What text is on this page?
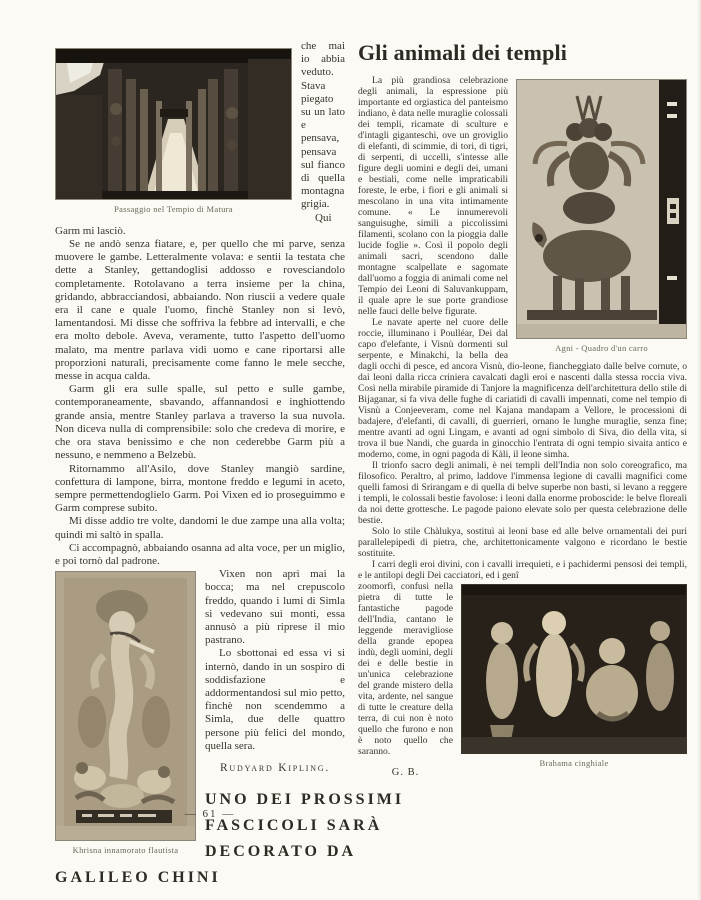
Passaggio nel Tempio di Matura

che mai io abbia veduto. Stava piegato su un lato e pensava, pensava sul fianco di quella montagna grigia.

Qui Garm mi lasciò.

Se ne andò senza fiatare, e, per quello che mi parve, senza muovere le gambe. Letteralmente volava: e sentii la testata che dette a Stanley, gettandoglisi addosso e rovesciandolo completamente. Rotolavano a terra insieme per la china, gridando, abbracciandosi, abbaiando. Non riuscii a vedere quale era il cane e quale l'uomo, finchè Stanley non si levò, lamentandosi. Mi disse che soffriva la febbre ad intervalli, e che era molto debole. Aveva, veramente, tutto l'aspetto dell'uomo malato, ma mentre parlava vidi uomo e cane riportarsi alle proporzioni naturali, precisamente come fanno le mele secche, messe in acqua calda.

Garm gli era sulle spalle, sul petto e sulle gambe, contemporaneamente, sbavando, affannandosi e inghiottendo grande ansia, mentre Stanley parlava a traverso la sua nuvola. Non diceva nulla di comprensibile: solo che credeva di morire, e che ora stava benissimo e che non cederebbe Garm più a nessuno, e nemmeno a Belzebù.

Ritornammo all'Asilo, dove Stanley mangiò sardine, confettura di lampone, birra, montone freddo e legumi in aceto, sempre permettendoglielo Garm. Poi Vixen ed io proseguimmo e Garm comprese subito.

Mi disse addio tre volte, dandomi le due zampe una alla volta; quindi mi saltò in spalla.

Ci accompagnò, abbaiando osanna ad alta voce, per un miglio, e poi tornò dal padrone.

Khrisna innamorato flautista

Vixen non aprì mai la bocca; ma nel crepuscolo freddo, quando i lumi di Simla si vedevano sui monti, essa annusò a più riprese il mio pastrano.

Lo sbottonai ed essa vi si internò, dando in un sospiro di soddisfazione e addormentandosi sul mio petto, finchè non scendemmo a Simla, due delle quattro persone più felici del mondo, quella sera.

Rudyard Kipling.
UNO DEI PROSSIMI
FASCICOLI SARÀ
DECORATO DA
GALILEO CHINI
Gli animali dei templi
Agni - Quadro d'un carro

La più grandiosa celebrazione degli animali, la espressione più importante ed orgiastica del panteismo indiano, è data nelle muraglie colossali dei templi, ricamate di sculture e d'intagli giganteschi, ove un groviglio di elefanti, di scimmie, di tori, di tigri, di serpenti, di uccelli, s'intesse alle figure degli uomini e degli dei, umani e bestiali, come nelle impraticabili foreste, le erbe, i fiori e gli animali si mescolano in una vita intimamente comune. « Le innumerevoli sanguisughe, simili a piccolissimi filamenti, scolano con la pioggia dalle lucide foglie ». Così il popolo degli animali sacri, scendono dalle montagne scalpellate e sagomate dall'uomo a foggia di animali come nel Tempio dei Leoni di Saluvankuppam, il quale apre le sue porte grandiose nelle fauci delle belve figurate.

Le navate aperte nel cuore delle roccie, illuminano i Poulléar, Dei dal capo d'elefante, i Visnù dormenti sul serpente, e Minakchi, la bella dea dagli occhi di pesce, ed ancora Visnù, dio-leone, fiancheggiato dalle belve cornute, o dai leoni dalla ricca criniera cavalcati dagli eroi e nascenti dalla stessa roccia viva. Così nella mirabile piramide di Tanjore la magnificenza dell'architettura dello stile di Bijaganar, si fa viva delle fughe di cariatidi di cavalli impennati, come nel tempio di Visnù a Conjeeveram, come nel Kajana mandapam a Vellore, le processioni di badajere, d'elefanti, di cavalli, di guerrieri, ornano le lunghe muraglie, senza fine; mentre avanti ad ogni Lingam, e avanti ad ogni simbolo di Siva, dio della vita, si trova il bue Nandi, che guarda in ginocchio l'entrata di ogni tempio sivaita antico e moderno, come, in ogni pagoda di Kàli, il leone simha.

Il trionfo sacro degli animali, è nei templi dell'India non solo coreografico, ma filosofico. Peraltro, al primo, laddove l'immensa legione di cavalli magnifici come quelli famosi di Srirangam e di quella di belve superbe non basti, si levano a reggere i templi, le colossali bestie favolose: i leoni dalla enorme proboscide: le belve floreali da noi dette grottesche. Le pagode paiono elevate solo per questa celebrazione delle bestie.

Solo lo stile Chàlukya, sostituì ai leoni base ed alle belve ornamentali dei puri parallelepipedi di pietra, che, architettonicamente valgono e ricordano le bestie sostituite.

I carri degli eroi divini, con i cavalli irrequieti, e i pachidermi pensosi dei templi, e le antilopi degli Dei cacciatori, ed i genî

Brahama cinghiale

zoomorfi, confusi nella pietra di tutte le fantastiche pagode dell'India, cantano le leggende meravigliose della grande epopea indù, degli uomini, degli dei e delle bestie in un'unica celebrazione del grande mistero della vita, ardente, nel sangue di tutte le creature della terra, di cui non è noto quello che furono e non è noto quello che saranno.

G. B.
— 61 —
